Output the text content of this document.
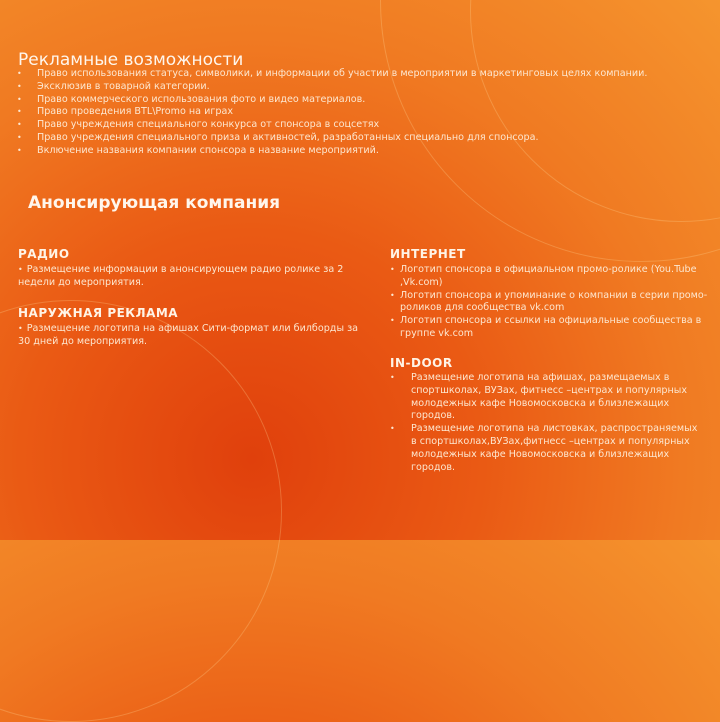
Рекламные возможности
• Право использования статуса, символики, и информации об участии в мероприятии в маркетинговых целях компании.
• Эксклюзив в товарной категории.
• Право коммерческого использования фото и видео материалов.
• Право проведения BTL\Promo на играх
• Право учреждения специального конкурса от спонсора в соцсетях
• Право учреждения специального приза и активностей, разработанных специально для спонсора.
• Включение названия компании спонсора в название мероприятий.
Анонсирующая компания
РАДИО

• Размещение информации в анонсирующем радио ролике за 2 недели до мероприятия.

НАРУЖНАЯ РЕКЛАМА

• Размещение логотипа на афишах Сити-формат или билборды за 30 дней до мероприятия.

ИНТЕРНЕТ
• Логотип спонсора в официальном промо-ролике (You.Tube ,Vk.com)
• Логотип спонсора и упоминание о компании в серии промо-роликов для сообщества vk.com
• Логотип спонсора и ссылки на официальные сообщества в группе vk.com
IN-DOOR
• Размещение логотипа на афишах, размещаемых в спортшколах, ВУЗах, фитнесс –центрах и популярных молодежных кафе Новомосковска и близлежащих городов.
• Размещение логотипа на листовках, распространяемых в спортшколах,ВУЗах,фитнесс –центрах и популярных молодежных кафе Новомосковска и близлежащих городов.
